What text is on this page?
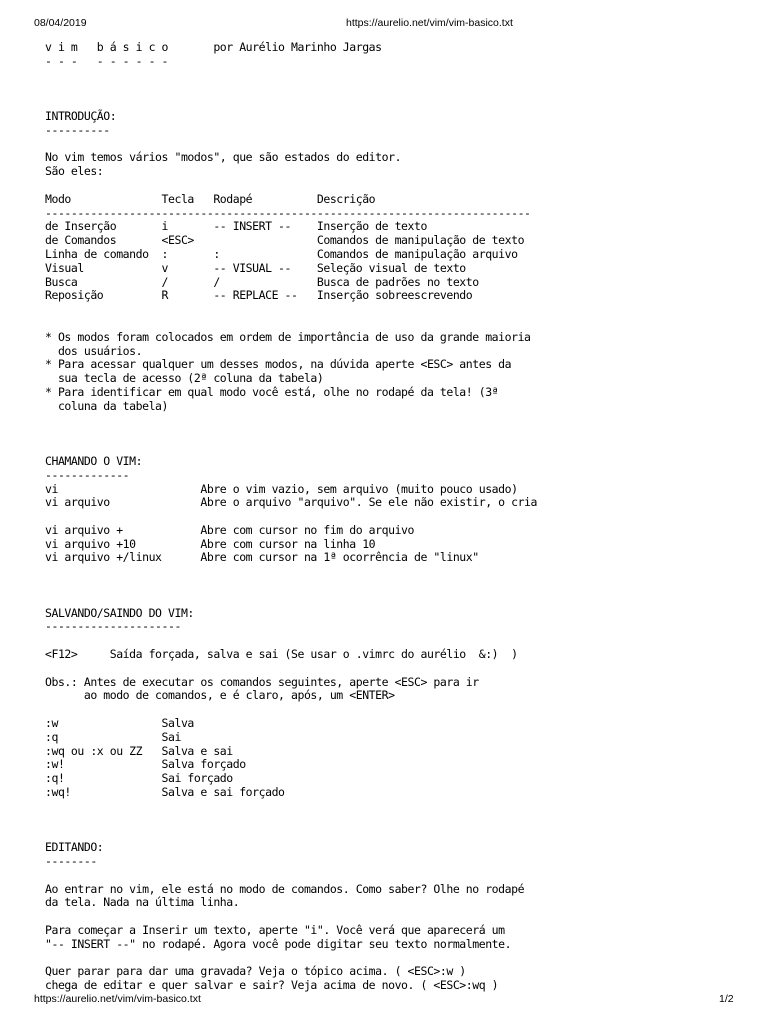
08/04/2019	https://aurelio.net/vim/vim-basico.txt
v i m   b á s i c o       por Aurélio Marinho Jargas
- - -   - - - - - -
INTRODUÇÃO:
----------
No vim temos vários "modos", que são estados do editor.
São eles:
Modo              Tecla   Rodapé          Descrição
---------------------------------------------------------------------------
de Inserção       i       -- INSERT --    Inserção de texto
de Comandos       <ESC>                   Comandos de manipulação de texto
Linha de comando  :       :               Comandos de manipulação arquivo
Visual            v       -- VISUAL --    Seleção visual de texto
Busca             /       /               Busca de padrões no texto
Reposição         R       -- REPLACE --   Inserção sobreescrevendo
* Os modos foram colocados em ordem de importância de uso da grande maioria
dos usuários.
* Para acessar qualquer um desses modos, na dúvida aperte <ESC> antes da
sua tecla de acesso (2ª coluna da tabela)
* Para identificar em qual modo você está, olhe no rodapé da tela! (3ª
coluna da tabela)
CHAMANDO O VIM:
-------------
vi                      Abre o vim vazio, sem arquivo (muito pouco usado)
vi arquivo              Abre o arquivo "arquivo". Se ele não existir, o cria
vi arquivo +            Abre com cursor no fim do arquivo
vi arquivo +10          Abre com cursor na linha 10
vi arquivo +/linux      Abre com cursor na 1ª ocorrência de "linux"
SALVANDO/SAINDO DO VIM:
---------------------
<F12>     Saída forçada, salva e sai (Se usar o .vimrc do aurélio  &:)  )
Obs.: Antes de executar os comandos seguintes, aperte <ESC> para ir
ao modo de comandos, e é claro, após, um <ENTER>
:w                Salva
:q                Sai
:wq ou :x ou ZZ   Salva e sai
:w!               Salva forçado
:q!               Sai forçado
:wq!              Salva e sai forçado
EDITANDO:
--------
Ao entrar no vim, ele está no modo de comandos. Como saber? Olhe no rodapé
da tela. Nada na última linha.
Para começar a Inserir um texto, aperte "i". Você verá que aparecerá um
"-- INSERT --" no rodapé. Agora você pode digitar seu texto normalmente.
Quer parar para dar uma gravada? Veja o tópico acima. ( <ESC>:w )
chega de editar e quer salvar e sair? Veja acima de novo. ( <ESC>:wq )
https://aurelio.net/vim/vim-basico.txt	1/2
